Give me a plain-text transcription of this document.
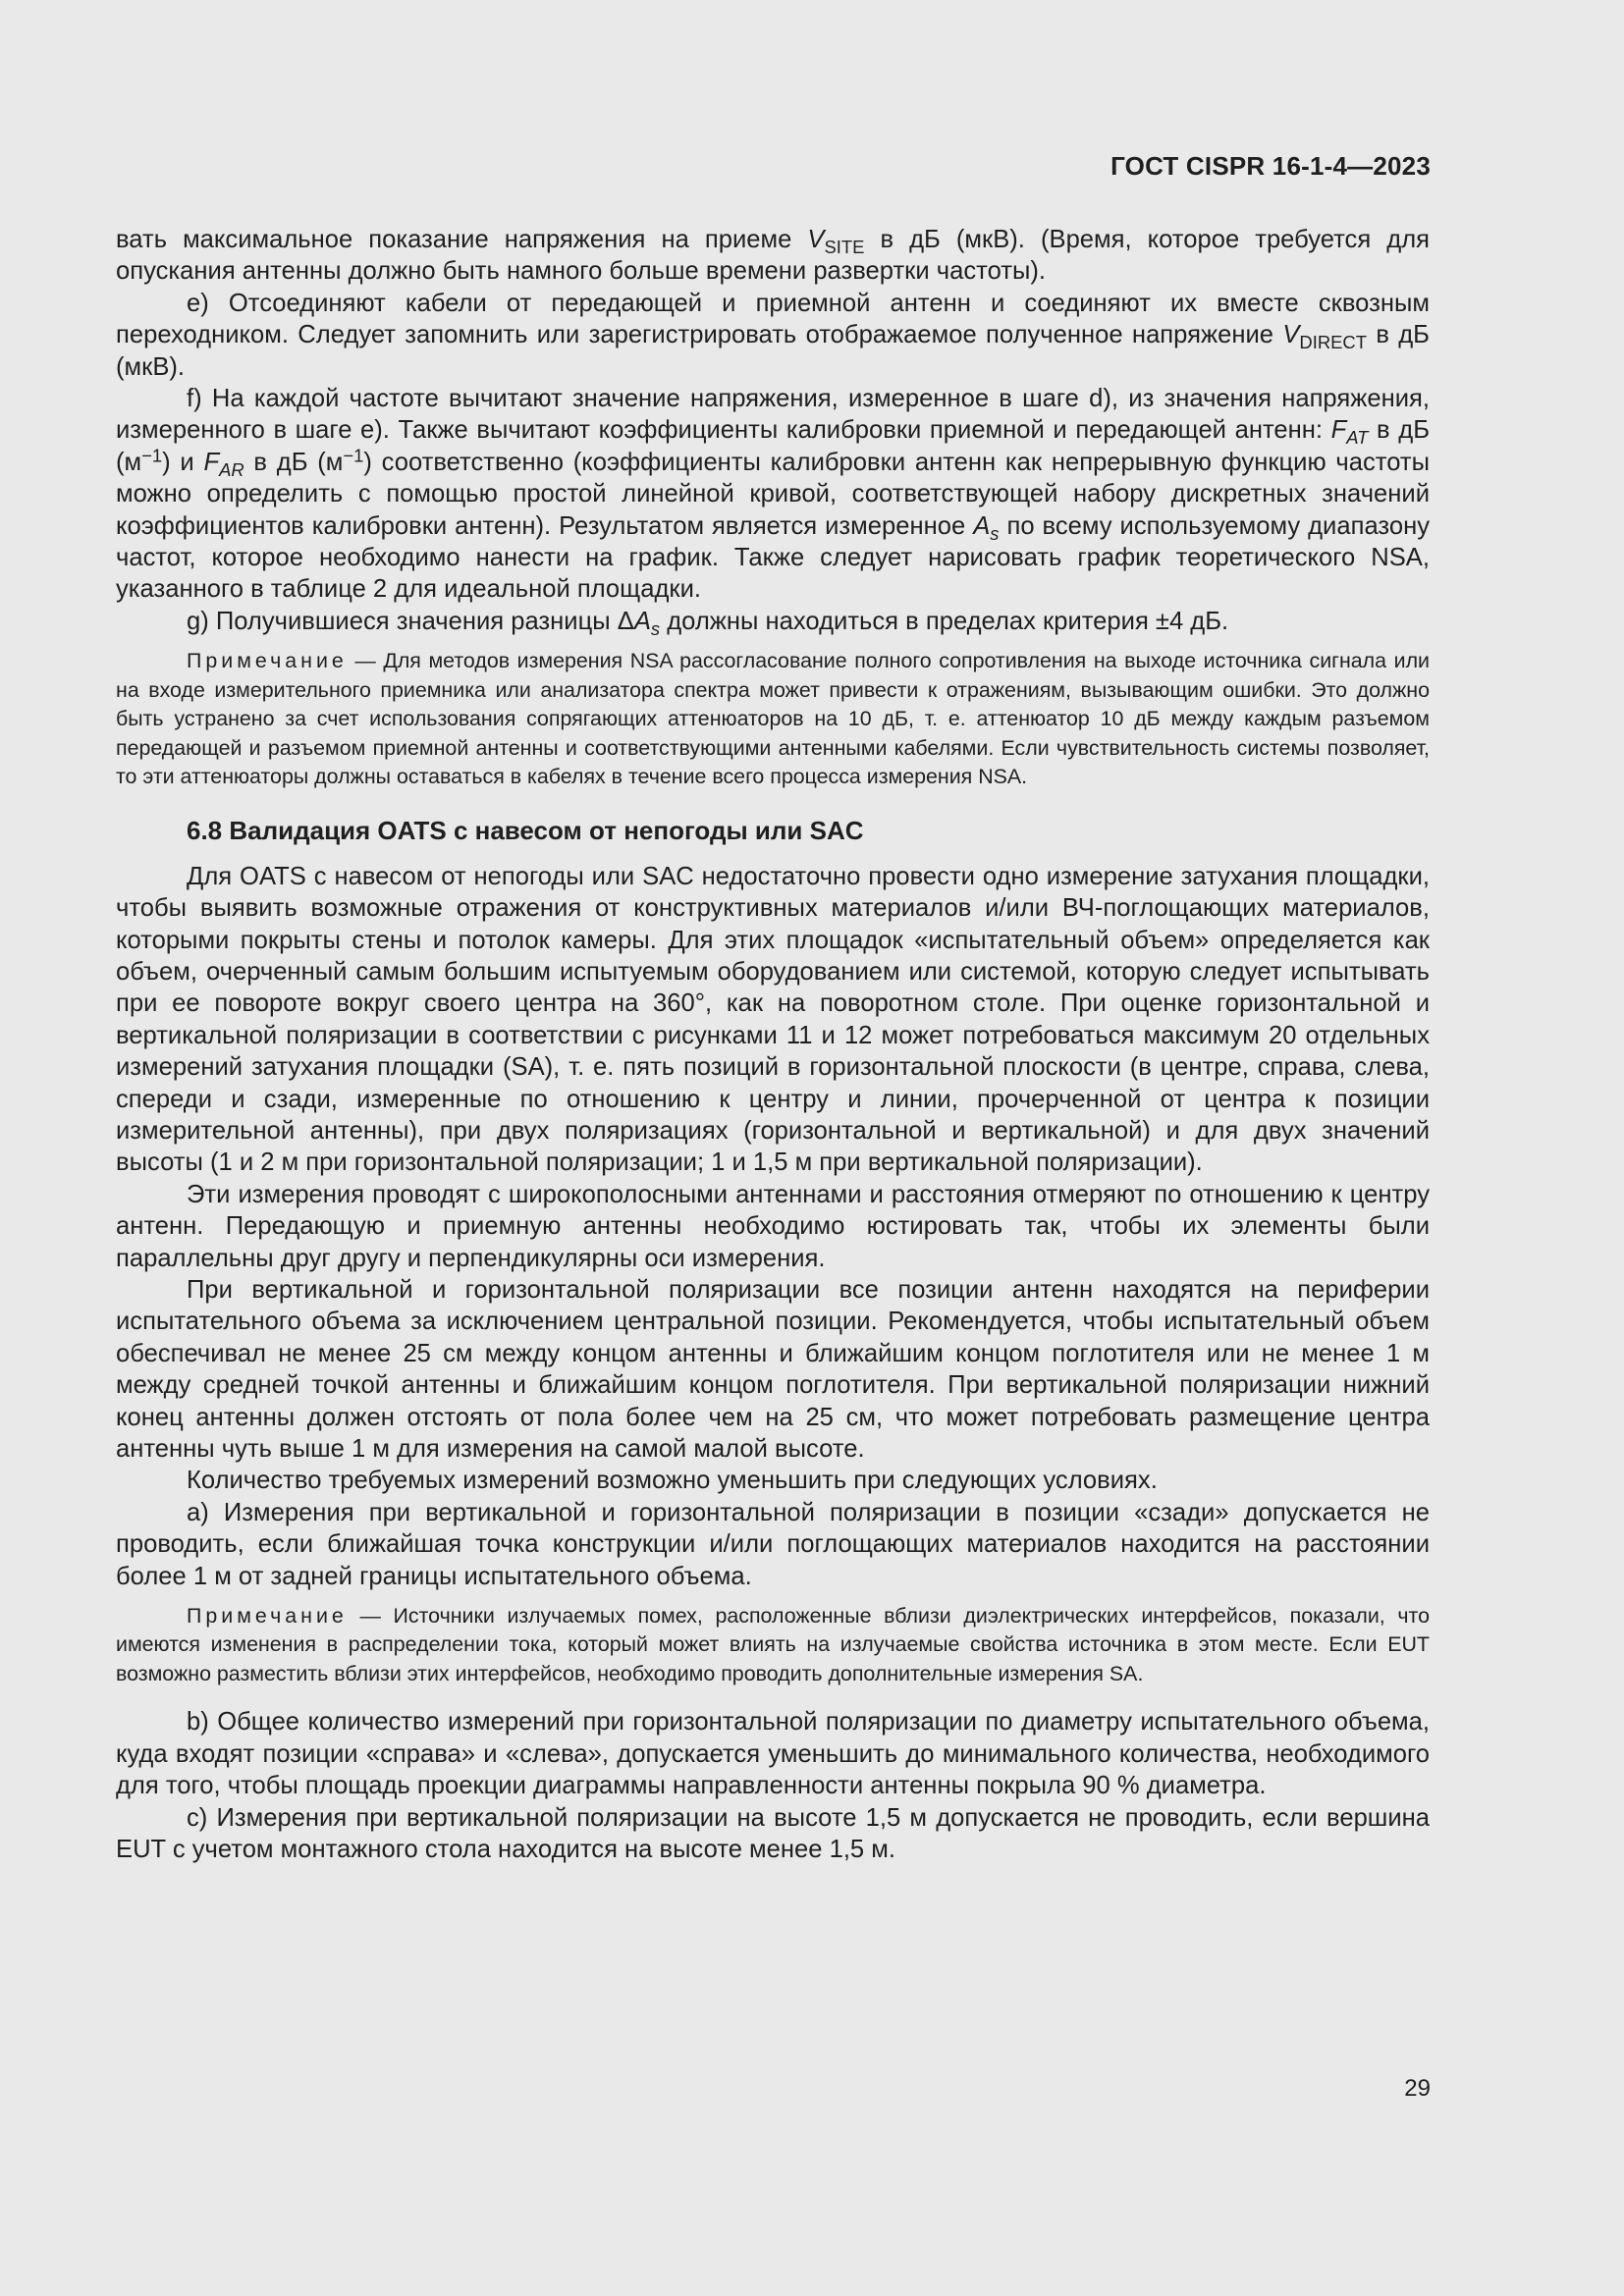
ГОСТ CISPR 16-1-4—2023

вать максимальное показание напряжения на приеме $V_{SITE}$ в дБ (мкВ). (Время, которое требуется для опускания антенны должно быть намного больше времени развертки частоты).

e) Отсоединяют кабели от передающей и приемной антенн и соединяют их вместе сквозным переходником. Следует запомнить или зарегистрировать отображаемое полученное напряжение $V_{DIRECT}$ в дБ (мкВ).

f) На каждой частоте вычитают значение напряжения, измеренное в шаге d), из значения напряжения, измеренного в шаге e). Также вычитают коэффициенты калибровки приемной и передающей антенн: $F_{AT}$ в дБ $(м^{-1})$ и $F_{AR}$ в дБ $(м^{-1})$ соответственно (коэффициенты калибровки антенн как непрерывную функцию частоты можно определить с помощью простой линейной кривой, соответствующей набору дискретных значений коэффициентов калибровки антенн). Результатом является измеренное $A_s$ по всему используемому диапазону частот, которое необходимо нанести на график. Также следует нарисовать график теоретического NSA, указанного в таблице 2 для идеальной площадки.

g) Получившиеся значения разницы $\Delta A_s$ должны находиться в пределах критерия ±4 дБ.

Примечание — Для методов измерения NSA рассогласование полного сопротивления на выходе источника сигнала или на входе измерительного приемника или анализатора спектра может привести к отражениям, вызывающим ошибки. Это должно быть устранено за счет использования сопрягающих аттенюаторов на 10 дБ, т. е. аттенюатор 10 дБ между каждым разъемом передающей и разъемом приемной антенны и соответствующими антенными кабелями. Если чувствительность системы позволяет, то эти аттенюаторы должны оставаться в кабелях в течение всего процесса измерения NSA.

6.8 Валидация OATS с навесом от непогоды или SAC

Для OATS с навесом от непогоды или SAC недостаточно провести одно измерение затухания площадки, чтобы выявить возможные отражения от конструктивных материалов и/или ВЧ-поглощающих материалов, которыми покрыты стены и потолок камеры. Для этих площадок «испытательный объем» определяется как объем, очерченный самым большим испытуемым оборудованием или системой, которую следует испытывать при ее повороте вокруг своего центра на 360°, как на поворотном столе. При оценке горизонтальной и вертикальной поляризации в соответствии с рисунками 11 и 12 может потребоваться максимум 20 отдельных измерений затухания площадки (SA), т. е. пять позиций в горизонтальной плоскости (в центре, справа, слева, спереди и сзади, измеренные по отношению к центру и линии, прочерченной от центра к позиции измерительной антенны), при двух поляризациях (горизонтальной и вертикальной) и для двух значений высоты (1 и 2 м при горизонтальной поляризации; 1 и 1,5 м при вертикальной поляризации).

Эти измерения проводят с широкополосными антеннами и расстояния отмеряют по отношению к центру антенн. Передающую и приемную антенны необходимо юстировать так, чтобы их элементы были параллельны друг другу и перпендикулярны оси измерения.

При вертикальной и горизонтальной поляризации все позиции антенн находятся на периферии испытательного объема за исключением центральной позиции. Рекомендуется, чтобы испытательный объем обеспечивал не менее 25 см между концом антенны и ближайшим концом поглотителя или не менее 1 м между средней точкой антенны и ближайшим концом поглотителя. При вертикальной поляризации нижний конец антенны должен отстоять от пола более чем на 25 см, что может потребовать размещение центра антенны чуть выше 1 м для измерения на самой малой высоте.

Количество требуемых измерений возможно уменьшить при следующих условиях.

a) Измерения при вертикальной и горизонтальной поляризации в позиции «сзади» допускается не проводить, если ближайшая точка конструкции и/или поглощающих материалов находится на расстоянии более 1 м от задней границы испытательного объема.

Примечание — Источники излучаемых помех, расположенные вблизи диэлектрических интерфейсов, показали, что имеются изменения в распределении тока, который может влиять на излучаемые свойства источника в этом месте. Если EUT возможно разместить вблизи этих интерфейсов, необходимо проводить дополнительные измерения SA.

b) Общее количество измерений при горизонтальной поляризации по диаметру испытательного объема, куда входят позиции «справа» и «слева», допускается уменьшить до минимального количества, необходимого для того, чтобы площадь проекции диаграммы направленности антенны покрыла 90 % диаметра.

c) Измерения при вертикальной поляризации на высоте 1,5 м допускается не проводить, если вершина EUT с учетом монтажного стола находится на высоте менее 1,5 м.

29
